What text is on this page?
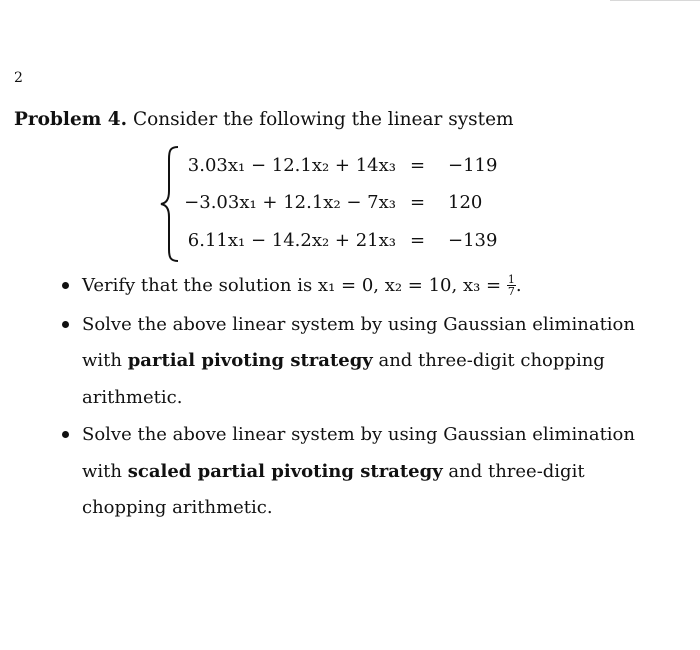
2
Problem 4. Consider the following the linear system
3.03x₁ − 12.1x₂ + 14x₃ = −119
−3.03x₁ + 12.1x₂ − 7x₃ = 120
6.11x₁ − 14.2x₂ + 21x₃ = −139
Verify that the solution is x₁ = 0, x₂ = 10, $x_3 = \frac{1}{7}$ .
Solve the above linear system by using Gaussian elimination with partial pivoting strategy and three-digit chopping arithmetic.
Solve the above linear system by using Gaussian elimination with scaled partial pivoting strategy and three-digit chopping arithmetic.
